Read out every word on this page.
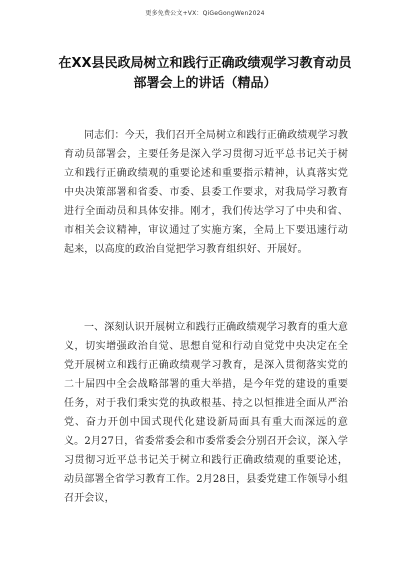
更多免费公文+VX：QiGeGongWen2024
在XX县民政局树立和践行正确政绩观学习教育动员
部署会上的讲话（精品）

同志们：今天，我们召开全局树立和践行正确政绩观学习教育动员部署会，主要任务是深入学习贯彻习近平总书记关于树立和践行正确政绩观的重要论述和重要指示精神，认真落实党中央决策部署和省委、市委、县委工作要求，对我局学习教育进行全面动员和具体安排。刚才，我们传达学习了中央和省、市相关会议精神，审议通过了实施方案，全局上下要迅速行动起来，以高度的政治自觉把学习教育组织好、开展好。

一、深刻认识开展树立和践行正确政绩观学习教育的重大意义，切实增强政治自觉、思想自觉和行动自觉党中央决定在全党开展树立和践行正确政绩观学习教育，是深入贯彻落实党的二十届四中全会战略部署的重大举措，是今年党的建设的重要任务，对于我们秉实党的执政根基、持之以恒推进全面从严治党、奋力开创中国式现代化建设新局面具有重大而深远的意义。2月27日，省委常委会和市委常委会分别召开会议，深入学习贯彻习近平总书记关于树立和践行正确政绩观的重要论述，动员部署全省学习教育工作。2月28日，县委党建工作领导小组召开会议，
